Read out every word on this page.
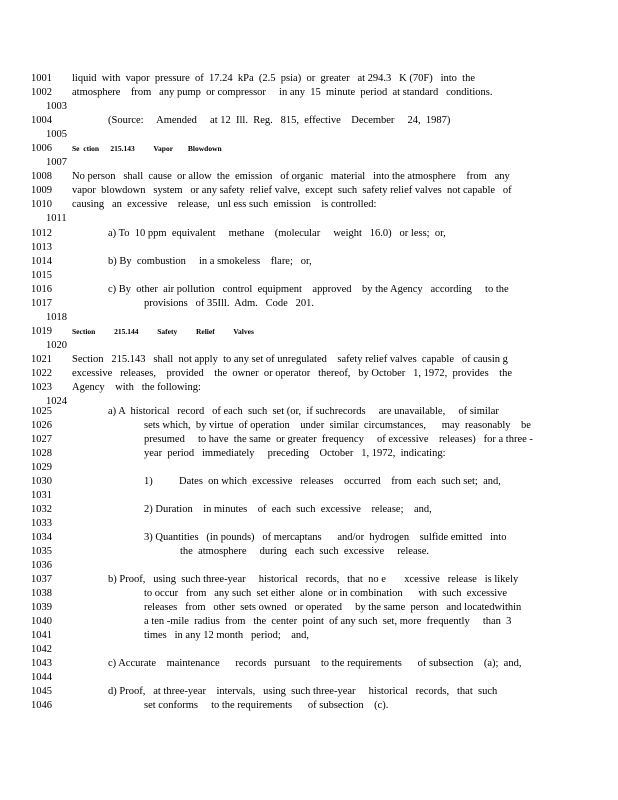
1001 liquid  with  vapor  pressure  of  17.24  kPa  (2.5  psia)  or  greater   at 294.3   K (70F)   into  the
1002 atmosphere    from   any pump  or compressor     in any  15  minute  period  at standard   conditions.
1003
1004	(Source:     Amended     at 12  Ill.  Reg.   815,  effective    December     24,  1987)
1005
1006	Se  ction      215.143          Vapor        Blowdown
1007
1008 No person   shall  cause  or allow  the  emission   of organic   material   into the atmosphere    from   any
1009 vapor  blowdown   system   or any safety  relief valve,  except  such  safety relief valves  not capable   of
1010 causing   an  excessive    release,   unl ess such  emission    is controlled:
1011
1012	a) To  10 ppm  equivalent     methane    (molecular     weight   16.0)   or less;  or,
1013
1014	b) By  combustion     in a smokeless    flare;   or,
1015
1016	c) By  other  air pollution   control  equipment    approved    by the Agency   according     to the
1017	provisions   of 35Ill.  Adm.   Code   201.
1018
1019	Section          215.144          Safety          Relief          Valves
1020
1021 Section   215.143   shall  not apply  to any set of unregulated    safety relief valves  capable   of causin g
1022 excessive   releases,    provided    the  owner  or operator   thereof,   by October   1, 1972,  provides    the
1023 Agency    with   the following:
1024
1025	a) A  historical   record   of each  such  set (or,  if suchrecords     are unavailable,     of similar
1026	sets which,  by virtue  of operation    under  similar  circumstances,      may  reasonably    be
1027	presumed     to have  the same  or greater  frequency     of excessive    releases)   for a three -
1028	year  period   immediately     preceding    October   1, 1972,  indicating:
1029
1030	1)          Dates  on which  excessive   releases    occurred    from  each  such set;  and,
1031
1032	2) Duration    in minutes    of  each  such  excessive    release;    and,
1033
1034	3) Quantities   (in pounds)   of mercaptans      and/or  hydrogen    sulfide emitted   into
1035	the  atmosphere     during   each  such  excessive     release.
1036
1037	b) Proof,   using  such three-year     historical   records,   that  no e       xcessive   release   is likely
1038	to occur   from   any such  set either  alone  or in combination      with  such  excessive
1039	releases   from   other  sets owned   or operated     by the same  person   and locatedwithin
1040	a ten -mile  radius  from   the  center  point  of any such  set, more  frequently     than  3
1041	times   in any 12 month   period;    and,
1042
1043	c) Accurate    maintenance      records   pursuant    to the requirements      of subsection    (a);  and,
1044
1045	d) Proof,   at three-year    intervals,   using  such three-year     historical   records,   that  such
1046	set conforms     to the requirements      of subsection    (c).
